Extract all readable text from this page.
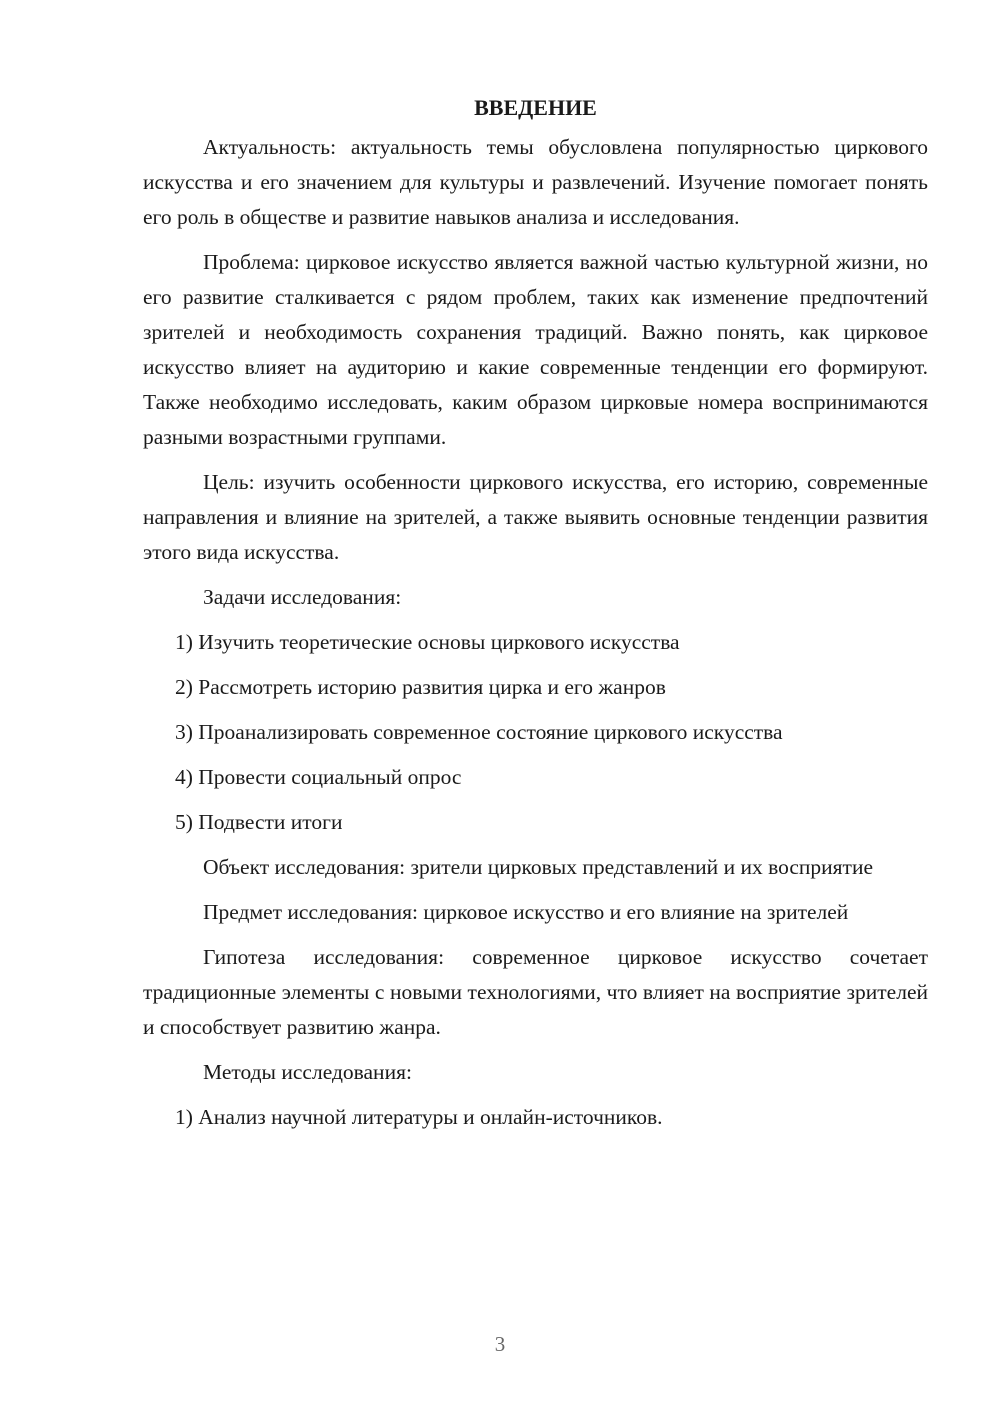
ВВЕДЕНИЕ

Актуальность: актуальность темы обусловлена популярностью циркового искусства и его значением для культуры и развлечений. Изучение помогает понять его роль в обществе и развитие навыков анализа и исследования.

Проблема: цирковое искусство является важной частью культурной жизни, но его развитие сталкивается с рядом проблем, таких как изменение предпочтений зрителей и необходимость сохранения традиций. Важно понять, как цирковое искусство влияет на аудиторию и какие современные тенденции его формируют. Также необходимо исследовать, каким образом цирковые номера воспринимаются разными возрастными группами.

Цель: изучить особенности циркового искусства, его историю, современные направления и влияние на зрителей, а также выявить основные тенденции развития этого вида искусства.

Задачи исследования:

1) Изучить теоретические основы циркового искусства
2) Рассмотреть историю развития цирка и его жанров
3) Проанализировать современное состояние циркового искусства
4) Провести социальный опрос
5) Подвести итоги

Объект исследования: зрители цирковых представлений и их восприятие

Предмет исследования: цирковое искусство и его влияние на зрителей

Гипотеза исследования: современное цирковое искусство сочетает традиционные элементы с новыми технологиями, что влияет на восприятие зрителей и способствует развитию жанра.

Методы исследования:

1) Анализ научной литературы и онлайн-источников.
3
